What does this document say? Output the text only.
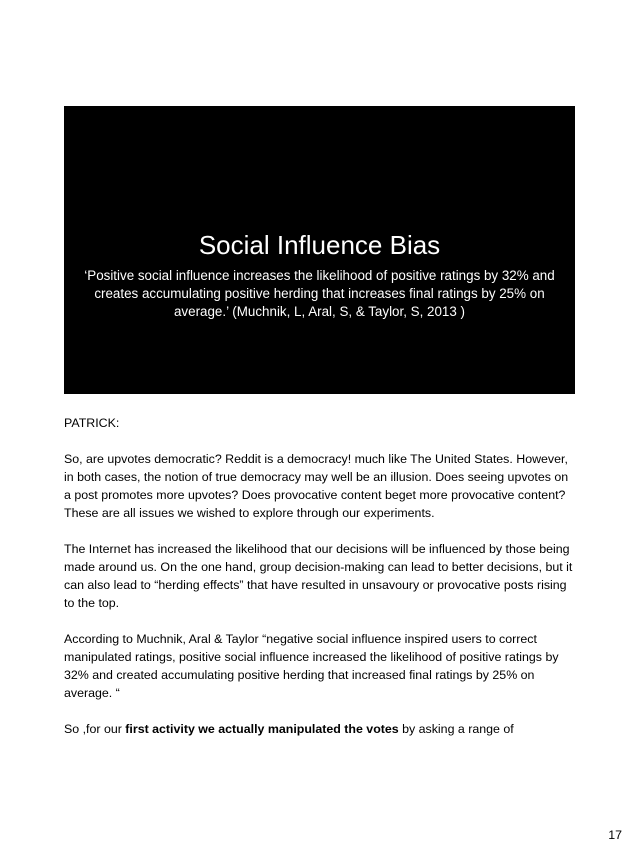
Social Influence Bias
‘Positive social influence increases the likelihood of positive ratings by 32% and creates accumulating positive herding that increases final ratings by 25% on average.’ (Muchnik, L, Aral, S, & Taylor, S, 2013 )

PATRICK:

So, are upvotes democratic? Reddit is a democracy! much like The United States. However, in both cases, the notion of true democracy may well be an illusion. Does seeing upvotes on a post promotes more upvotes? Does provocative content beget more provocative content? These are all issues we wished to explore through our experiments.

The Internet has increased the likelihood that our decisions will be influenced by those being made around us. On the one hand, group decision-making can lead to better decisions, but it can also lead to “herding effects” that have resulted in unsavoury or provocative posts rising to the top.

According to Muchnik, Aral & Taylor “negative social influence inspired users to correct manipulated ratings, positive social influence increased the likelihood of positive ratings by 32% and created accumulating positive herding that increased final ratings by 25% on average. “

So ,for our first activity we actually manipulated the votes by asking a range of

17
